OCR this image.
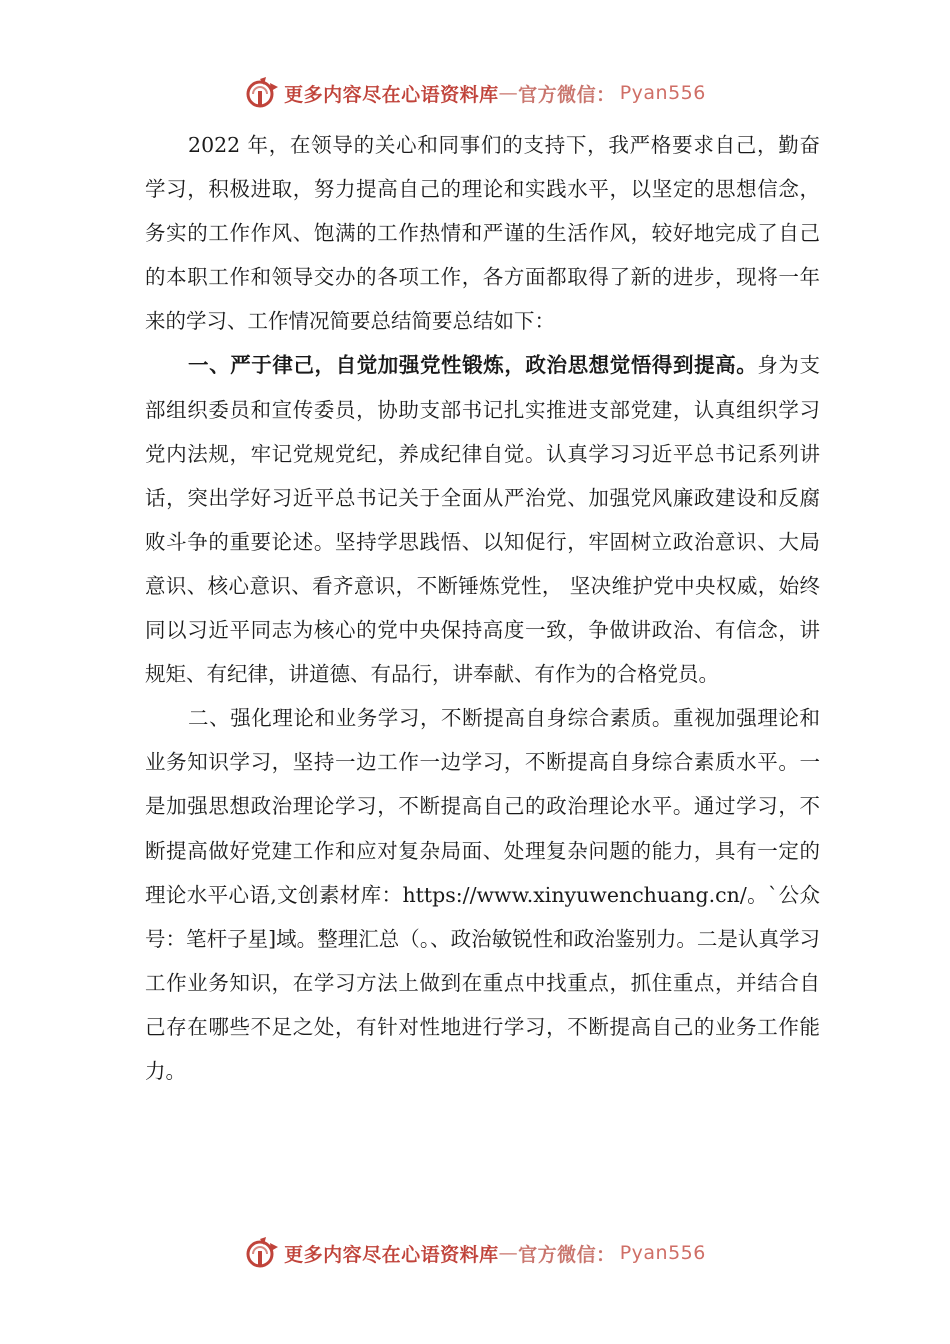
更多内容尽在心语资料库 — 官方微信： Pyan556

2022 年，在领导的关心和同事们的支持下，我严格要求自己，勤奋学习，积极进取，努力提高自己的理论和实践水平，以坚定的思想信念，务实的工作作风、饱满的工作热情和严谨的生活作风，较好地完成了自己的本职工作和领导交办的各项工作，各方面都取得了新的进步，现将一年来的学习、工作情况简要总结简要总结如下：

一、严于律己，自觉加强党性锻炼，政治思想觉悟得到提高。身为支部组织委员和宣传委员，协助支部书记扎实推进支部党建，认真组织学习党内法规，牢记党规党纪，养成纪律自觉。认真学习习近平总书记系列讲话，突出学好习近平总书记关于全面从严治党、加强党风廉政建设和反腐败斗争的重要论述。坚持学思践悟、以知促行，牢固树立政治意识、大局意识、核心意识、看齐意识，不断锤炼党性， 坚决维护党中央权威，始终同以习近平同志为核心的党中央保持高度一致，争做讲政治、有信念，讲规矩、有纪律，讲道德、有品行，讲奉献、有作为的合格党员。

二、强化理论和业务学习，不断提高自身综合素质。重视加强理论和业务知识学习，坚持一边工作一边学习，不断提高自身综合素质水平。一是加强思想政治理论学习，不断提高自己的政治理论水平。通过学习，不断提高做好党建工作和应对复杂局面、处理复杂问题的能力，具有一定的理论水平心语,文创素材库：https://www.xinyuwenchuang.cn/。`公众号：笔杆子星]域。整理汇总（。、政治敏锐性和政治鉴别力。二是认真学习工作业务知识，在学习方法上做到在重点中找重点，抓住重点，并结合自己存在哪些不足之处，有针对性地进行学习，不断提高自己的业务工作能力。

更多内容尽在心语资料库 — 官方微信： Pyan556
